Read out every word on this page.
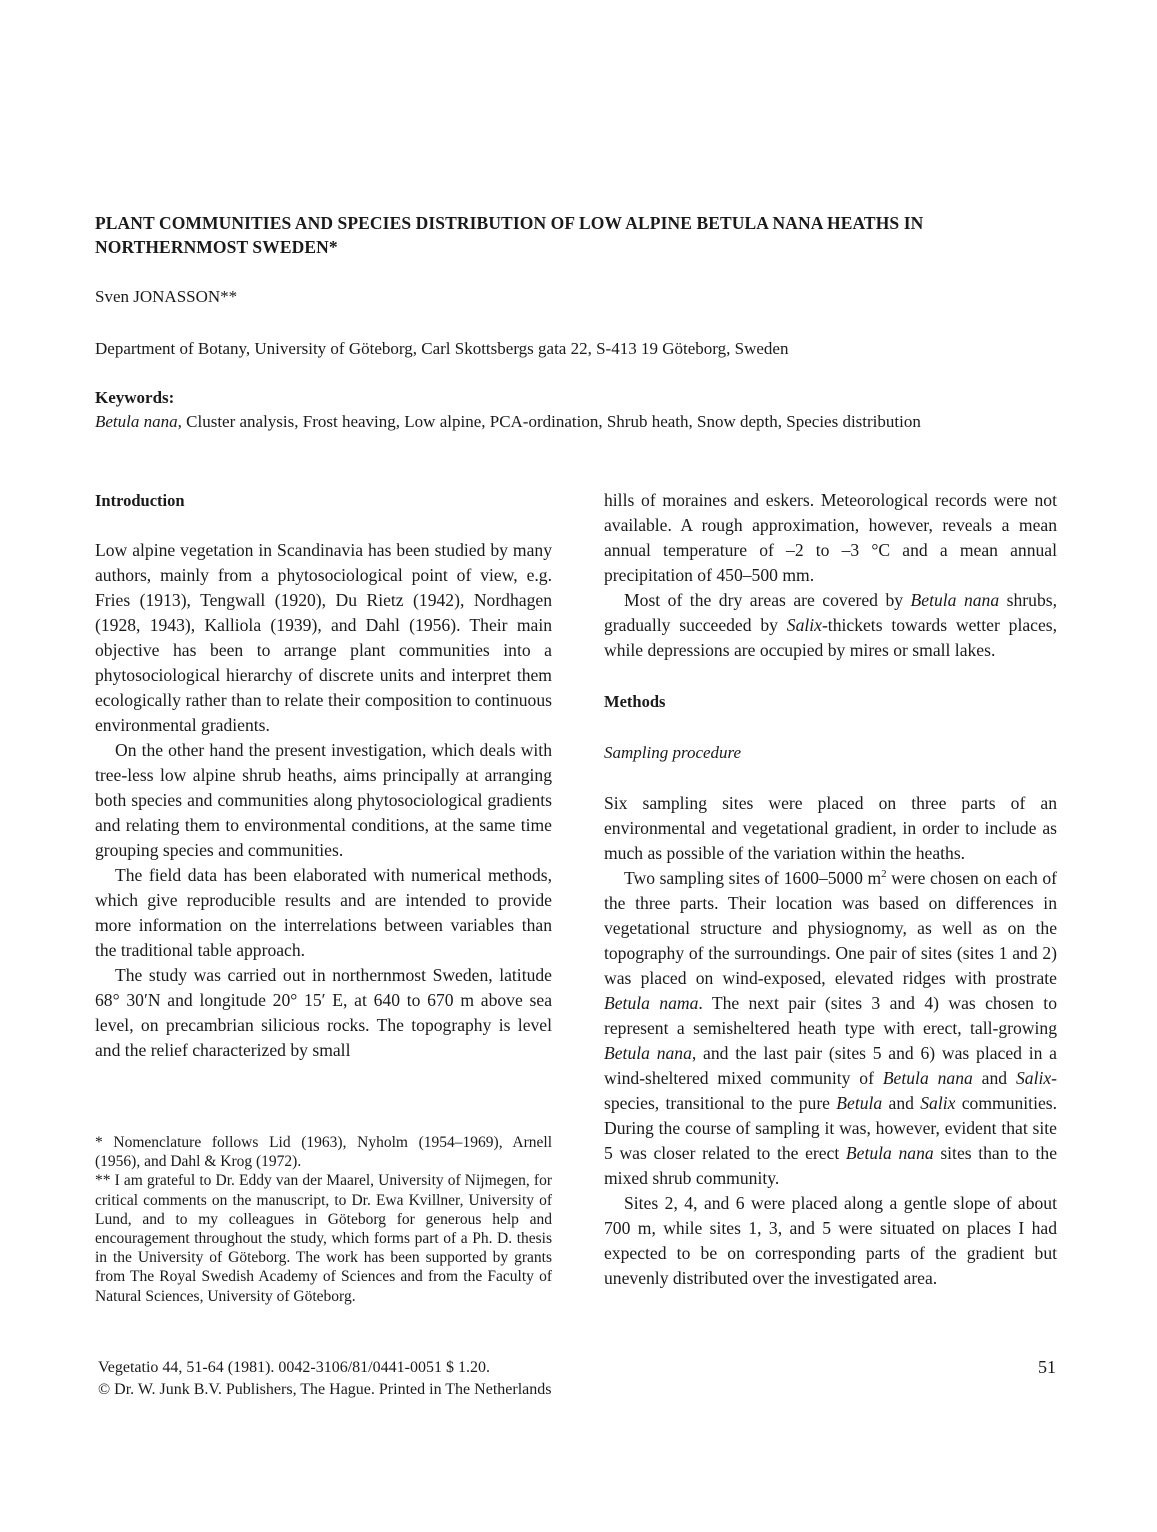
PLANT COMMUNITIES AND SPECIES DISTRIBUTION OF LOW ALPINE BETULA NANA HEATHS IN NORTHERNMOST SWEDEN*
Sven JONASSON**
Department of Botany, University of Göteborg, Carl Skottsbergs gata 22, S-413 19 Göteborg, Sweden
Keywords:
Betula nana, Cluster analysis, Frost heaving, Low alpine, PCA-ordination, Shrub heath, Snow depth, Species distribution

Introduction

Low alpine vegetation in Scandinavia has been studied by many authors, mainly from a phytosociological point of view, e.g. Fries (1913), Tengwall (1920), Du Rietz (1942), Nordhagen (1928, 1943), Kalliola (1939), and Dahl (1956). Their main objective has been to arrange plant communities into a phytosociological hierarchy of discrete units and interpret them ecologically rather than to relate their composition to continuous environmental gradients.

On the other hand the present investigation, which deals with tree-less low alpine shrub heaths, aims principally at arranging both species and communities along phytosociological gradients and relating them to environmental conditions, at the same time grouping species and communities.

The field data has been elaborated with numerical methods, which give reproducible results and are intended to provide more information on the interrelations between variables than the traditional table approach.

The study was carried out in northernmost Sweden, latitude 68° 30′N and longitude 20° 15′ E, at 640 to 670 m above sea level, on precambrian silicious rocks. The topography is level and the relief characterized by small

* Nomenclature follows Lid (1963), Nyholm (1954–1969), Arnell (1956), and Dahl & Krog (1972).

** I am grateful to Dr. Eddy van der Maarel, University of Nijmegen, for critical comments on the manuscript, to Dr. Ewa Kvillner, University of Lund, and to my colleagues in Göteborg for generous help and encouragement throughout the study, which forms part of a Ph. D. thesis in the University of Göteborg. The work has been supported by grants from The Royal Swedish Academy of Sciences and from the Faculty of Natural Sciences, University of Göteborg.

hills of moraines and eskers. Meteorological records were not available. A rough approximation, however, reveals a mean annual temperature of –2 to –3 °C and a mean annual precipitation of 450–500 mm.

Most of the dry areas are covered by Betula nana shrubs, gradually succeeded by Salix-thickets towards wetter places, while depressions are occupied by mires or small lakes.

Methods

Sampling procedure

Six sampling sites were placed on three parts of an environmental and vegetational gradient, in order to include as much as possible of the variation within the heaths.

Two sampling sites of 1600–5000 $m^2$ were chosen on each of the three parts. Their location was based on differences in vegetational structure and physiognomy, as well as on the topography of the surroundings. One pair of sites (sites 1 and 2) was placed on wind-exposed, elevated ridges with prostrate Betula nama. The next pair (sites 3 and 4) was chosen to represent a semisheltered heath type with erect, tall-growing Betula nana, and the last pair (sites 5 and 6) was placed in a wind-sheltered mixed community of Betula nana and Salix-species, transitional to the pure Betula and Salix communities. During the course of sampling it was, however, evident that site 5 was closer related to the erect Betula nana sites than to the mixed shrub community.

Sites 2, 4, and 6 were placed along a gentle slope of about 700 m, while sites 1, 3, and 5 were situated on places I had expected to be on corresponding parts of the gradient but unevenly distributed over the investigated area.

Vegetatio 44, 51-64 (1981). 0042-3106/81/0441-0051 $ 1.20.
© Dr. W. Junk B.V. Publishers, The Hague. Printed in The Netherlands
51
